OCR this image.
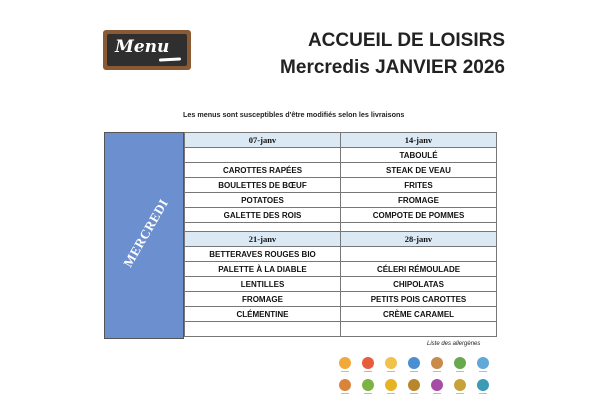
Menu	ACCUEIL DE LOISIRS
Mercredis JANVIER 2026
Les menus sont susceptibles d'être modifiés selon les livraisons
MERCREDI
07-janv	14-janv
	TABOULÉ
CAROTTES RAPÉES	STEAK DE VEAU
BOULETTES DE BŒUF	FRITES
POTATOES	FROMAGE
GALETTE DES ROIS	COMPOTE DE POMMES

21-janv	28-janv
BETTERAVES ROUGES BIO	
PALETTE À LA DIABLE	CÉLERI RÉMOULADE
LENTILLES	CHIPOLATAS
FROMAGE	PETITS POIS CAROTTES
CLÉMENTINE	CRÈME CARAMEL

Liste des allergènes
